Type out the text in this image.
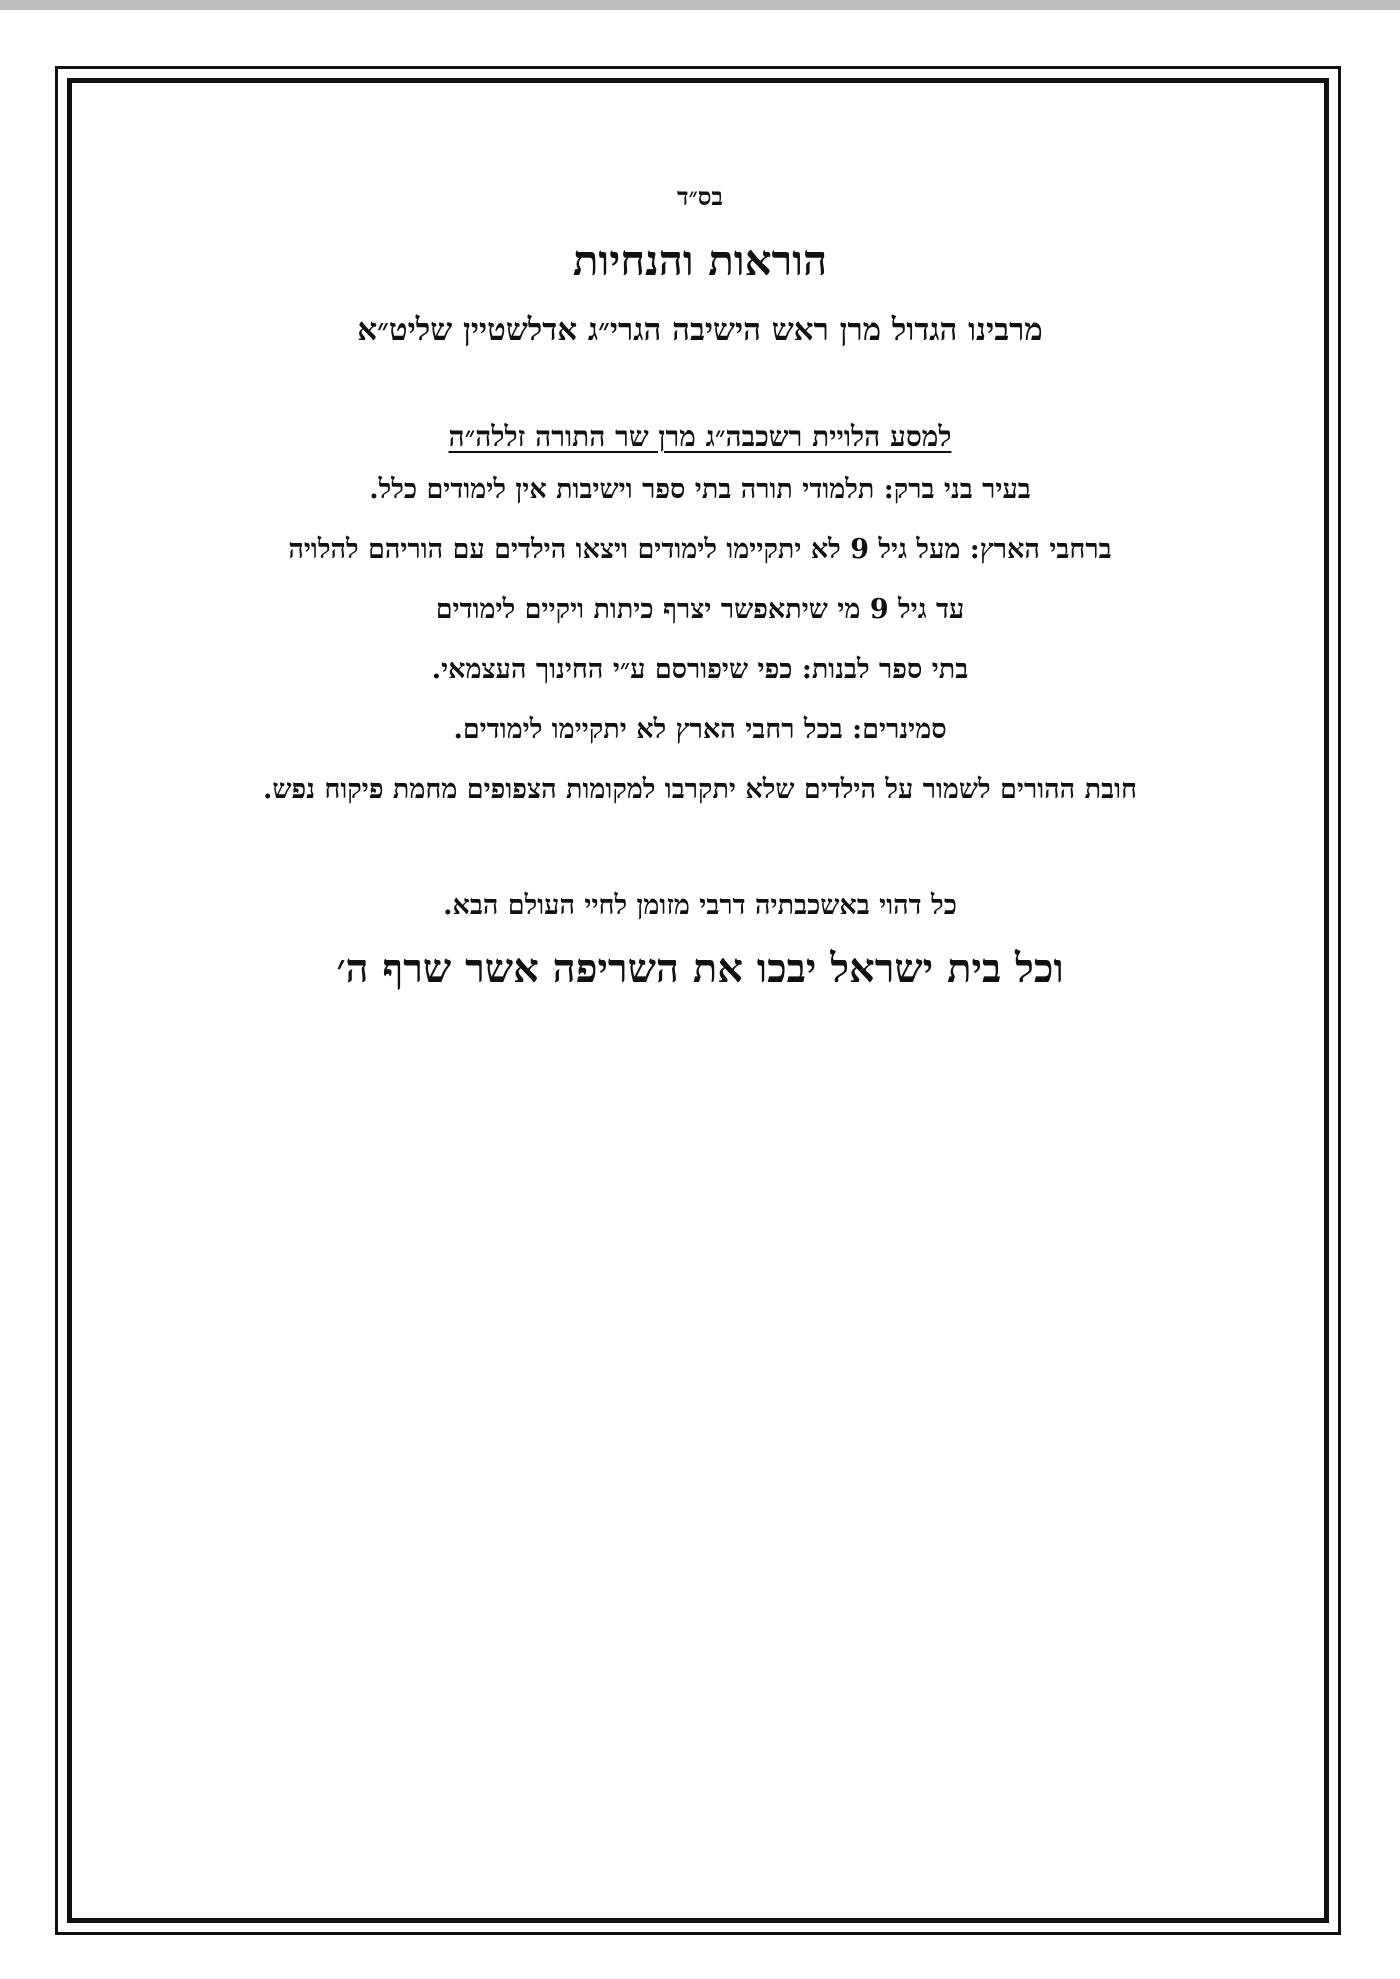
בס״ד

הוראות והנחיות

מרבינו הגדול מרן ראש הישיבה הגרי״ג אדלשטיין שליט״א

למסע הלויית רשכבה״ג מרן שר התורה זללה״ה

בעיר בני ברק: תלמודי תורה בתי ספר וישיבות אין לימודים כלל.

ברחבי הארץ: מעל גיל 9 לא יתקיימו לימודים ויצאו הילדים עם הוריהם להלויה

עד גיל 9 מי שיתאפשר יצרף כיתות ויקיים לימודים

בתי ספר לבנות: כפי שיפורסם ע״י החינוך העצמאי.

סמינרים: בכל רחבי הארץ לא יתקיימו לימודים.

חובת ההורים לשמור על הילדים שלא יתקרבו למקומות הצפופים מחמת פיקוח נפש.

כל דהוי באשכבתיה דרבי מזומן לחיי העולם הבא.

וכל בית ישראל יבכו את השריפה אשר שרף ה׳
